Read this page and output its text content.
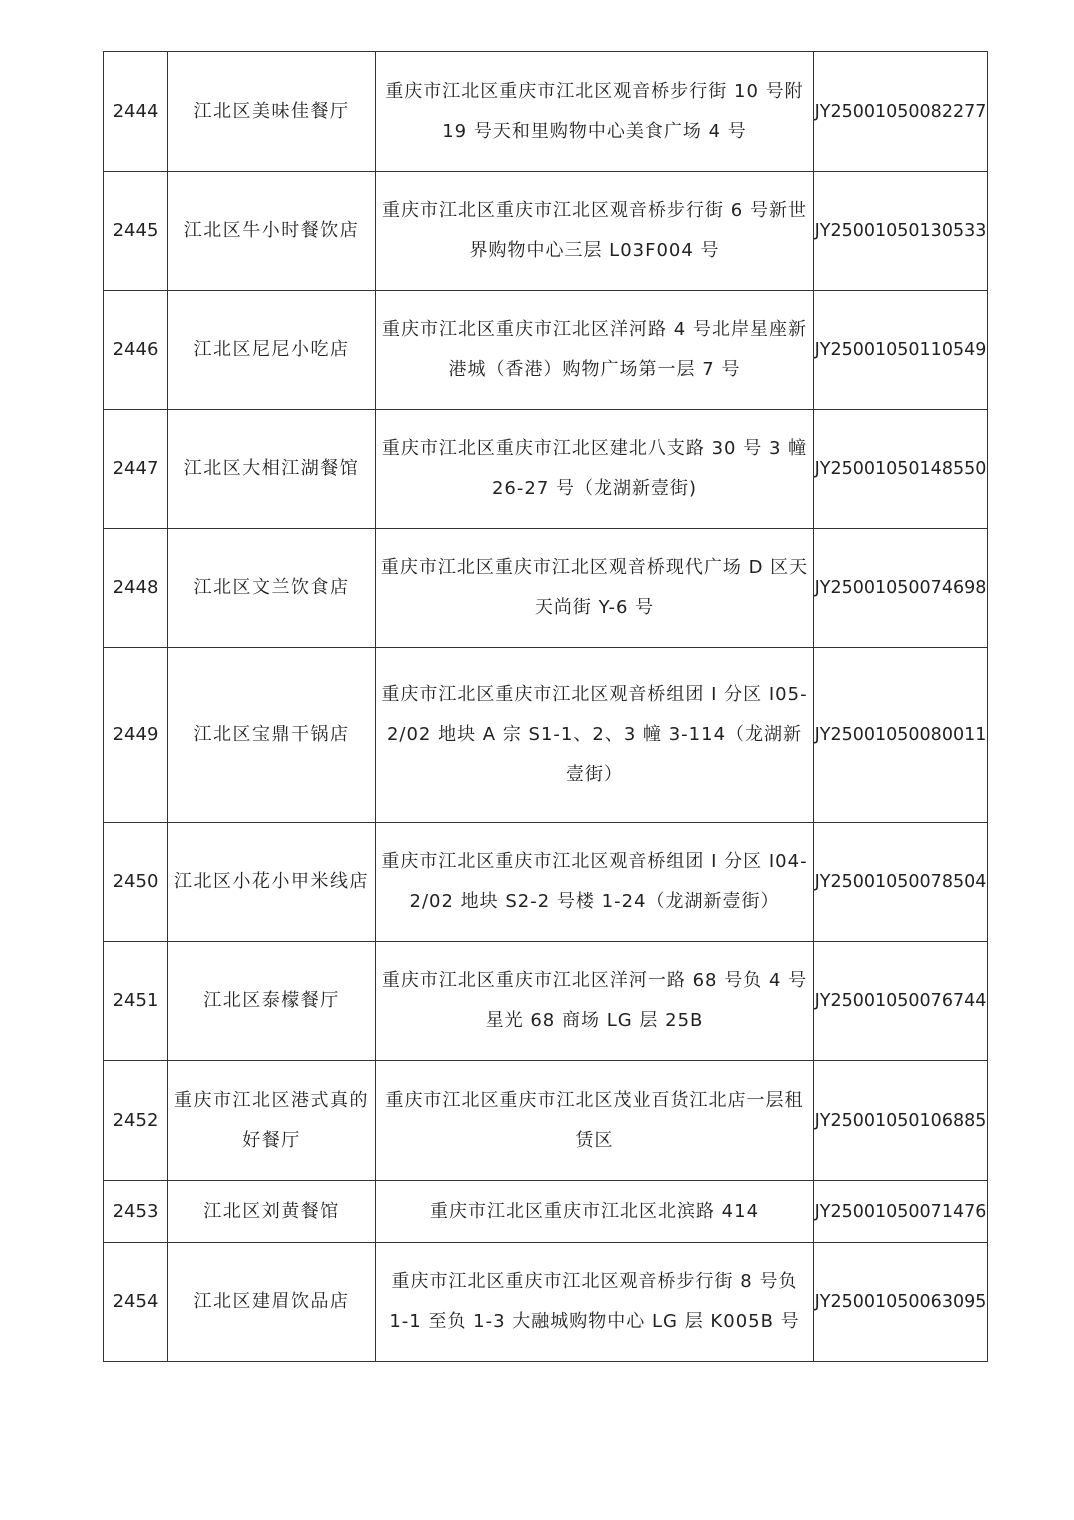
2444	江北区美味佳餐厅	重庆市江北区重庆市江北区观音桥步行街 10 号附 19 号天和里购物中心美食广场 4 号	JY25001050082277
2445	江北区牛小时餐饮店	重庆市江北区重庆市江北区观音桥步行街 6 号新世界购物中心三层 L03F004 号	JY25001050130533
2446	江北区尼尼小吃店	重庆市江北区重庆市江北区洋河路 4 号北岸星座新港城（香港）购物广场第一层 7 号	JY25001050110549
2447	江北区大相江湖餐馆	重庆市江北区重庆市江北区建北八支路 30 号 3 幢 26-27 号（龙湖新壹街)	JY25001050148550
2448	江北区文兰饮食店	重庆市江北区重庆市江北区观音桥现代广场 D 区天天尚街 Y-6 号	JY25001050074698
2449	江北区宝鼎干锅店	重庆市江北区重庆市江北区观音桥组团 I 分区 I05-2/02 地块 A 宗 S1-1、2、3 幢 3-114（龙湖新壹街）	JY25001050080011
2450	江北区小花小甲米线店	重庆市江北区重庆市江北区观音桥组团 I 分区 I04-2/02 地块 S2-2 号楼 1-24（龙湖新壹街）	JY25001050078504
2451	江北区泰檬餐厅	重庆市江北区重庆市江北区洋河一路 68 号负 4 号星光 68 商场 LG 层 25B	JY25001050076744
2452	重庆市江北区港式真的好餐厅	重庆市江北区重庆市江北区茂业百货江北店一层租赁区	JY25001050106885
2453	江北区刘黄餐馆	重庆市江北区重庆市江北区北滨路 414	JY25001050071476
2454	江北区建眉饮品店	重庆市江北区重庆市江北区观音桥步行街 8 号负 1-1 至负 1-3 大融城购物中心 LG 层 K005B 号	JY25001050063095
